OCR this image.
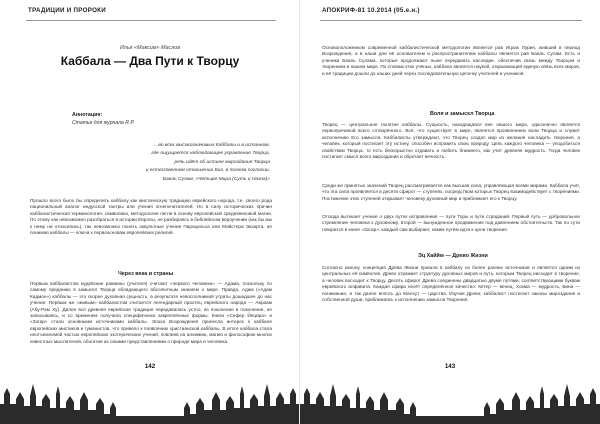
ТРАДИЦИИ И ПРОРОКИ
Илья «Максим» Маслов
Каббала — Два Пути к Творцу
Аннотация:
Статья для журнала R.P.
...во всех высокозначимых Каббалы и в истинном,
где ощущается наблюдающее управление Творца,
речь идёт об истине мироздания Творца
и естественном отношении Бог, в полном согласии.
Бааль Сулам, «Четыре Мира (Суть и Назна)»

Прошло всего было бы определить каббалу как мистическую традицию еврейского народа, т.е. своего рода национальный аналог индусской тантры или учения огнепочитателей. Но в силу исторических причин каббалистическая терминология, символика, методология легли в основу европейской средневековой магии. По этому как невозможно разобраться в истории Европы, не разбираясь в библейском вероучении (как бы мы к нему ни относились), так невозможно понять оккультные учения Парацельса или Майстера Экхарта, не понимая каббалы — ключа к первоосновам европейских религий.

Через века и страны

Первым каббалистом иудейские раввины (учителя) считают «первого человека» — Адама, поскольку по самому преданию в замысел Творца обладающего абсолютным знанием о мире. Правда, Адам («Адам Кадмон») каббалы — это скорее духовная сущность, а результате невосполнимой утраты дошедшее до нас учение: Первым же «живым» каббалистом считается легендарный праотец еврейского народа — Авраам (Абу-Рам Ху). Далее вся древняя еврейская традиция передавалась устно, из поколения в поколение, не записываясь, и со временем получила специфически закреплённые формы. Книги «Сефер Йецира» и «Зогар» стали основными источниками каббалы. Эпоха Возрождения принесла интерес к каббале европейских мистиков и гуманистов, что привело к появлению христианской каббалы. В итоге каббала стала неотъемлемой частью европейских эзотерических учений, повлияв на алхимию, магию и философию многих известных мыслителей, обогатив их своими представлениями о природе мира и человека.

142
АПОКРИФ-81 10.2014 (05.е.н.)

Основоположником современной каббалистической методологии является рав Ицхак Лурия, живший в период Возрождения, а в наши дни её основателем и распространителем каббалы является рав Бааль Сулам. Есть и ученики Бааль Сулама, которые продолжают ныне передавать наследие, обеспечив связь между Творцом и творением в нашем мире. По словам этих учёных, каббала является наукой, открывающей единую связь всех миров, и её традиции дошли до наших дней через последовательную цепочку учителей и учеников.

Воля и замысел Творца

Творец — центральное понятие каббалы. Сущность, находящаяся вне нашего мира, однозначно является первопричиной всего сотворённого. Всё, что существует в мире, является проявлением воли Творца и служит исполнению Его замысла. Каббалисты утверждают, что Творец создал мир из желания насладить творения, а человек, который постигает эту истину, способен исправить свою природу. Цель каждого человека — уподобиться свойствам Творца, то есть бескорыстно отдавать и любить ближнего, как учит древняя мудрость. Тогда человек постигает смысл всего мироздания и обретает вечность.

Среди же принятых значений Творец рассматривается как высшая сила, управляющая всеми мирами. Каббала учит, что эта сила проявляется в десяти сфирот — ступенях, посредством которых Творец взаимодействует с творениями. Постижение этих ступеней открывает человеку духовный мир и приближает его к Творцу.

Отсюда вытекает учение о двух путях исправления — пути Торы и пути страданий. Первый путь — добровольное стремление человека к духовному, второй — вынужденное продвижение под давлением обстоятельств. Так по сути говорится в книге «Зогар»: каждый сам выбирает, каким путём идти к цели творения.

Эц Хаййм — Древо Жизни

Согласно канону, концепция Древа Жизни пришла в каббалу из более ранних источников и является одним из центральных её символов. Древо отражает структуру духовных миров и путь, которым Творец нисходит в творение, а человек восходит к Творцу. Десять сфирот Древа соединены двадцатью двумя путями, соответствующими буквам еврейского алфавита. Каждая сфира несёт определённое качество: Кетер — венец, Хохма — мудрость, Бина — понимание, и так далее вплоть до Малхут — царства. Изучая Древо, каббалист постигает законы мироздания и собственной души, приближаясь к исполнению замысла Творения.

143
